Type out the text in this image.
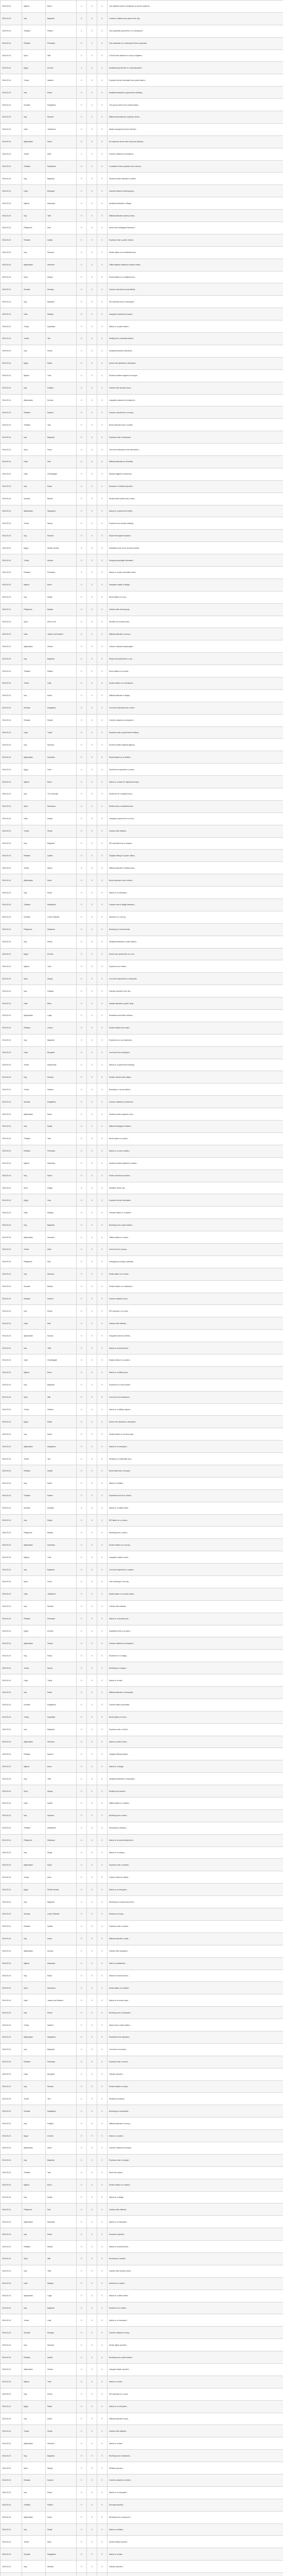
2016-03-01	Nigeria	Borno	1	0	0	Two militants carried out attacks on secure positions...
2016-03-01	Iraq	Baghdad	4	0	0	A series of attacks took place in the city...
2016-03-01	Thailand	Pattani	1	2	0	Two assailants opened fire on a checkpoint...
2016-03-01	Pakistan	Peshawar	0	1	0	Two assailants on a motorcycle threw a grenade...
2016-03-01	Syria	Idlib	3	3	0	A truck bomb attacked a convoy of fighters...
2016-03-01	Egypt	Al Arish	1	0	0	Assailants opened fire on a security patrol...
2016-03-01	Turkey	Istanbul	0	0	0	Explosive device detonated near police station...
2016-03-01	Iraq	Mosul	0	0	0	Assailants attacked a government building...
2016-03-01	Somalia	Mogadishu	0	1	0	The group carried out a suicide attack...
2016-03-01	Iraq	Ramadi	2	4	0	Militants detonated an explosive device...
2016-03-01	India	Jharkhand	0	0	0	Maoist insurgents torched vehicles...
2016-03-01	Afghanistan	Kabul	0	0	0	An explosive device was found and defused...
2016-03-01	Yemen	Aden	1	2	0	Gunmen attacked a checkpoint...
2016-03-01	Thailand	Narathiwat	0	0	0	A roadside bomb exploded near a school...
2016-03-01	Iraq	Baghdad	3	0	0	Suicide bomber attacked a market...
2016-03-01	Libya	Benghazi	0	0	0	Clashes between armed groups...
2016-03-01	Nigeria	Adamawa	0	0	0	Assailants attacked a village...
2016-03-01	Iraq	Tikrit	0	0	0	Militants attacked security forces...
2016-03-01	Philippines	Sulu	0	0	0	Armed men kidnapped fishermen...
2016-03-01	Pakistan	Quetta	0	0	0	Explosion near a police vehicle...
2016-03-01	Iraq	Samarra	0	0	0	Mortar attack on a residential area...
2016-03-01	Afghanistan	Helmand	0	0	0	Taliban fighters attacked a district center...
2016-03-01	Syria	Aleppo	0	0	0	Rocket attack on a neighborhood...
2016-03-01	Somalia	Kismayo	0	0	0	Gunmen shot dead a local official...
2016-03-01	Iraq	Baqubah	0	0	0	IED exploded near a checkpoint...
2016-03-01	India	Manipur	0	0	0	Insurgents ambushed a patrol...
2016-03-01	Turkey	Diyarbakir	0	0	0	Attack on a police station...
2016-03-01	Yemen	Taiz	0	0	0	Shelling hit a residential district...
2016-03-01	Iraq	Kirkuk	0	0	0	Assailants planted explosives...
2016-03-01	Egypt	Rafah	0	0	0	Armed men attacked a checkpoint...
2016-03-01	Nigeria	Yobe	0	0	0	Suicide bombers targeted a mosque...
2016-03-01	Iraq	Fallujah	0	0	0	Clashes with security forces...
2016-03-01	Afghanistan	Kunduz	0	0	0	Insurgents attacked a checkpoint...
2016-03-01	Pakistan	Karachi	0	0	0	Gunmen opened fire on a shop...
2016-03-01	Thailand	Yala	0	0	0	Bomb exploded near a market...
2016-03-01	Iraq	Baghdad	0	0	0	Explosion near a restaurant...
2016-03-01	Syria	Homs	0	0	0	Car bomb detonated at an intersection...
2016-03-01	Libya	Sirte	0	0	0	Militants attacked an oil facility...
2016-03-01	India	Chhattisgarh	0	0	0	Maoists triggered a landmine...
2016-03-01	Iraq	Mosul	0	0	0	Execution of civilians reported...
2016-03-01	Somalia	Baidoa	0	0	0	Mortar shells landed near a base...
2016-03-01	Afghanistan	Nangarhar	0	0	0	Attack on a government office...
2016-03-01	Yemen	Sanaa	0	0	0	Explosion at a security building...
2016-03-01	Iraq	Ramadi	0	0	0	Sniper fire targeted soldiers...
2016-03-01	Egypt	Sheikh Zuweid	0	0	0	Roadside bomb hit an armored vehicle...
2016-03-01	Turkey	Ankara	0	0	0	Suspicious package detonated...
2016-03-01	Pakistan	Peshawar	0	0	0	Attack on a polio vaccination team...
2016-03-01	Nigeria	Borno	0	0	0	Insurgents raided a village...
2016-03-01	Iraq	Diyala	0	0	0	Bomb attack on a bus...
2016-03-01	Philippines	Basilan	0	0	0	Clashes with armed group...
2016-03-01	Syria	Deir ez-Zor	0	0	0	Airstrike hit a market area...
2016-03-01	India	Jammu and Kashmir	0	0	0	Militants attacked a convoy...
2016-03-01	Afghanistan	Ghazni	0	0	0	Gunmen abducted passengers...
2016-03-01	Iraq	Baghdad	0	0	0	Sticky bomb attached to a car...
2016-03-01	Thailand	Pattani	0	0	0	Arson attack on a school...
2016-03-01	Yemen	Lahij	0	0	0	Suicide attack on a checkpoint...
2016-03-01	Iraq	Anbar	0	0	0	Militants attacked a village...
2016-03-01	Somalia	Mogadishu	0	0	0	Car bomb exploded near a hotel...
2016-03-01	Pakistan	Khyber	0	0	0	Gunmen attacked a checkpoint...
2016-03-01	Libya	Tripoli	0	0	0	Explosion near a government building...
2016-03-01	Iraq	Samarra	0	0	0	Suicide bomber targeted pilgrims...
2016-03-01	Afghanistan	Kandahar	0	0	0	Rocket attack on an airfield...
2016-03-01	Egypt	Cairo	0	0	0	Small bomb exploded in a street...
2016-03-01	Nigeria	Borno	0	0	0	Attack on a camp for displaced people...
2016-03-01	Iraq	Tuz Khurmatu	0	0	0	Mortar fire hit a neighborhood...
2016-03-01	Syria	Damascus	0	0	0	Shells struck a residential area...
2016-03-01	India	Assam	0	0	0	Insurgents opened fire on a bus...
2016-03-01	Turkey	Sirnak	0	0	0	Clashes with militants...
2016-03-01	Iraq	Baghdad	0	0	0	IED exploded near a mosque...
2016-03-01	Pakistan	Quetta	0	0	0	Targeted killing of a police officer...
2016-03-01	Yemen	Abyan	0	0	0	Militants attacked a military base...
2016-03-01	Afghanistan	Herat	0	0	0	Bomb explosion near a shrine...
2016-03-01	Iraq	Mosul	0	0	0	Attack on a checkpoint...
2016-03-01	Thailand	Narathiwat	0	0	0	Gunmen shot a village headman...
2016-03-01	Somalia	Lower Shabelle	0	0	0	Ambush on a convoy...
2016-03-01	Philippines	Mindanao	0	0	0	Bombing of a bus terminal...
2016-03-01	Iraq	Kirkuk	0	0	0	Assailants attacked a police station...
2016-03-01	Egypt	Al Arish	0	0	0	Armed men opened fire on a car...
2016-03-01	Nigeria	Yobe	0	0	0	Explosion at a market...
2016-03-01	Syria	Aleppo	0	0	0	Car bomb exploded at a checkpoint...
2016-03-01	Iraq	Fallujah	0	0	0	Clashes reported in the city...
2016-03-01	India	Bihar	0	0	0	Maoists attacked a police camp...
2016-03-01	Afghanistan	Logar	0	0	0	Roadside bomb killed civilians...
2016-03-01	Pakistan	Lahore	0	0	0	Suicide attack near a park...
2016-03-01	Iraq	Baghdad	0	0	0	Explosion at a car dealership...
2016-03-01	Libya	Benghazi	0	0	0	Car bomb hit a checkpoint...
2016-03-01	Yemen	Hadramawt	0	0	0	Attack on a government building...
2016-03-01	Iraq	Ramadi	0	0	0	Suicide vehicle bomb attack...
2016-03-01	Turkey	Istanbul	0	0	0	Bombing in a tourist district...
2016-03-01	Somalia	Mogadishu	0	0	0	Gunmen attacked a restaurant...
2016-03-01	Afghanistan	Kabul	0	0	0	Suicide bomber targeted a bus...
2016-03-01	Iraq	Diyala	0	0	0	Militants kidnapped civilians...
2016-03-01	Thailand	Yala	0	0	0	Bomb attack on a patrol...
2016-03-01	Pakistan	Peshawar	0	0	0	Attack on a court complex...
2016-03-01	Nigeria	Adamawa	0	0	0	Suicide bombers attacked a market...
2016-03-01	Iraq	Mosul	0	0	0	Public executions reported...
2016-03-01	Syria	Raqqa	0	0	0	Airstrikes hit the city...
2016-03-01	Egypt	Giza	0	0	0	Explosive device detonated...
2016-03-01	India	Manipur	0	0	0	Grenade attack on a market...
2016-03-01	Iraq	Baghdad	0	0	0	Bombing near a police station...
2016-03-01	Afghanistan	Helmand	0	0	0	Taliban attack on a base...
2016-03-01	Yemen	Aden	0	0	0	Car bomb hit a convoy...
2016-03-01	Philippines	Sulu	0	0	0	Kidnapping of foreign nationals...
2016-03-01	Iraq	Samarra	0	0	0	Mortar attack on a shrine...
2016-03-01	Somalia	Baidoa	0	0	0	Suicide attack on a restaurant...
2016-03-01	Pakistan	Karachi	0	0	0	Gunmen attacked a bus...
2016-03-01	Iraq	Kirkuk	0	0	0	IED explosion on a road...
2016-03-01	Libya	Sirte	0	0	0	Clashes with militants...
2016-03-01	Afghanistan	Kunduz	0	0	0	Insurgents seized a district...
2016-03-01	Iraq	Tikrit	0	0	0	Attack on security forces...
2016-03-01	India	Chhattisgarh	0	0	0	Maoist ambush on a patrol...
2016-03-01	Nigeria	Borno	0	0	0	Attack on a military post...
2016-03-01	Iraq	Baghdad	0	0	0	Explosion in a busy market...
2016-03-01	Syria	Idlib	0	0	0	Car bomb at a checkpoint...
2016-03-01	Turkey	Hakkari	0	0	0	Attack on a military outpost...
2016-03-01	Egypt	Rafah	0	0	0	Armed men attacked a checkpoint...
2016-03-01	Iraq	Anbar	0	0	0	Suicide attack on an army base...
2016-03-01	Afghanistan	Nangarhar	0	0	0	Attack on a checkpoint...
2016-03-01	Yemen	Taiz	0	0	0	Shelling of a residential area...
2016-03-01	Pakistan	Quetta	0	0	0	Bomb blast near a mosque...
2016-03-01	Iraq	Mosul	0	0	0	Attack on civilians...
2016-03-01	Thailand	Pattani	0	0	0	Roadside bomb hit a vehicle...
2016-03-01	Somalia	Kismayo	0	0	0	Attack on a military base...
2016-03-01	Iraq	Diyala	0	0	0	IED attack on a convoy...
2016-03-01	Philippines	Basilan	0	0	0	Bombing near a church...
2016-03-01	Afghanistan	Kandahar	0	0	0	Suicide attack on a convoy...
2016-03-01	Nigeria	Yobe	0	0	0	Insurgents raided a town...
2016-03-01	Iraq	Baghdad	0	0	0	Car bomb exploded in a square...
2016-03-01	Syria	Homs	0	0	0	Twin bombings in the city...
2016-03-01	India	Jharkhand	0	0	0	Maoist attack on a police station...
2016-03-01	Iraq	Ramadi	0	0	0	Clashes with militants...
2016-03-01	Pakistan	Peshawar	0	0	0	Attack on a security post...
2016-03-01	Egypt	Al Arish	0	0	0	Roadside bomb on a patrol...
2016-03-01	Afghanistan	Ghazni	0	0	0	Gunmen attacked a checkpoint...
2016-03-01	Iraq	Kirkuk	0	0	0	Mortar fire on a village...
2016-03-01	Yemen	Sanaa	0	0	0	Bombing at a mosque...
2016-03-01	Libya	Tripoli	0	0	0	Attack on a hotel...
2016-03-01	Iraq	Mosul	0	0	0	Militants attacked a checkpoint...
2016-03-01	Somalia	Mogadishu	0	0	0	Gunmen killed a journalist...
2016-03-01	Turkey	Diyarbakir	0	0	0	Bomb attack on a bus...
2016-03-01	Iraq	Baghdad	0	0	0	Explosion near a school...
2016-03-01	Afghanistan	Helmand	0	0	0	Attack on police forces...
2016-03-01	Pakistan	Karachi	0	0	0	Targeted killing reported...
2016-03-01	Nigeria	Borno	0	0	0	Attack on a village...
2016-03-01	Iraq	Tikrit	0	0	0	Assailants attacked a checkpoint...
2016-03-01	Syria	Aleppo	0	0	0	Shelling hit a market...
2016-03-01	India	Assam	0	0	0	Militant attack on civilians...
2016-03-01	Iraq	Samarra	0	0	0	Bombing near a shrine...
2016-03-01	Thailand	Narathiwat	0	0	0	Shooting at a teashop...
2016-03-01	Philippines	Mindanao	0	0	0	Attack on an army detachment...
2016-03-01	Iraq	Diyala	0	0	0	Attack on a mosque...
2016-03-01	Afghanistan	Kabul	0	0	0	Explosion near a ministry...
2016-03-01	Yemen	Aden	0	0	0	Gunmen killed an official...
2016-03-01	Egypt	Sheikh Zuweid	0	0	0	Attack on a checkpoint...
2016-03-01	Iraq	Baghdad	0	0	0	Bombing at a commercial street...
2016-03-01	Somalia	Lower Shabelle	0	0	0	Ambush on troops...
2016-03-01	Pakistan	Quetta	0	0	0	Explosion near a market...
2016-03-01	Iraq	Anbar	0	0	0	Militants attacked a base...
2016-03-01	Afghanistan	Kunduz	0	0	0	Clashes with insurgents...
2016-03-01	Nigeria	Adamawa	0	0	0	Raid on a settlement...
2016-03-01	Iraq	Mosul	0	0	0	Attack on security forces...
2016-03-01	Syria	Damascus	0	0	0	Mortar attack on a district...
2016-03-01	India	Jammu and Kashmir	0	0	0	Attack on an army camp...
2016-03-01	Iraq	Kirkuk	0	0	0	Bombing near a checkpoint...
2016-03-01	Turkey	Istanbul	0	0	0	Attack near a police station...
2016-03-01	Afghanistan	Nangarhar	0	0	0	Roadside bomb explosion...
2016-03-01	Iraq	Baghdad	0	0	0	Car bomb at a market...
2016-03-01	Pakistan	Peshawar	0	0	0	Explosion near a school...
2016-03-01	Libya	Benghazi	0	0	0	Clashes reported...
2016-03-01	Iraq	Ramadi	0	0	0	Suicide attack on troops...
2016-03-01	Yemen	Taiz	0	0	0	Shelling hit civilians...
2016-03-01	Somalia	Mogadishu	0	0	0	Bombing at a checkpoint...
2016-03-01	Iraq	Fallujah	0	0	0	Militants attacked a convoy...
2016-03-01	Egypt	Al Arish	0	0	0	Attack on a patrol...
2016-03-01	Afghanistan	Herat	0	0	0	Gunmen attacked a mosque...
2016-03-01	Iraq	Baghdad	0	0	0	Explosion near a mosque...
2016-03-01	Thailand	Yala	0	0	0	Bomb hit a patrol...
2016-03-01	Nigeria	Borno	0	0	0	Suicide attack on a market...
2016-03-01	Iraq	Diyala	0	0	0	Attack on a village...
2016-03-01	Philippines	Sulu	0	0	0	Clashes with militants...
2016-03-01	Afghanistan	Kandahar	0	0	0	Attack on a checkpoint...
2016-03-01	Iraq	Mosul	0	0	0	Execution reported...
2016-03-01	Pakistan	Khyber	0	0	0	Attack on security forces...
2016-03-01	Syria	Idlib	0	0	0	Bombing at a market...
2016-03-01	Iraq	Tikrit	0	0	0	Clashes with security forces...
2016-03-01	India	Manipur	0	0	0	Ambush on a patrol...
2016-03-01	Afghanistan	Logar	0	0	0	Attack on a district office...
2016-03-01	Iraq	Baghdad	0	0	0	Explosion at a market...
2016-03-01	Yemen	Lahij	0	0	0	Attack on a checkpoint...
2016-03-01	Somalia	Kismayo	0	0	0	Gunmen attacked a camp...
2016-03-01	Iraq	Samarra	0	0	0	Mortar attack reported...
2016-03-01	Pakistan	Quetta	0	0	0	Bombing near a police station...
2016-03-01	Afghanistan	Ghazni	0	0	0	Insurgent attack reported...
2016-03-01	Nigeria	Yobe	0	0	0	Attack on a town...
2016-03-01	Iraq	Kirkuk	0	0	0	IED exploded on a road...
2016-03-01	Egypt	Rafah	0	0	0	Attack on a checkpoint...
2016-03-01	Iraq	Anbar	0	0	0	Militants attacked troops...
2016-03-01	Turkey	Sirnak	0	0	0	Clashes with militants...
2016-03-01	Afghanistan	Helmand	0	0	0	Attack on a base...
2016-03-01	Iraq	Baghdad	0	0	0	Bombing near a restaurant...
2016-03-01	Syria	Aleppo	0	0	0	Shelling reported...
2016-03-01	Pakistan	Karachi	0	0	0	Gunmen attacked a vehicle...
2016-03-01	Iraq	Mosul	0	0	0	Attack on a checkpoint...
2016-03-01	Thailand	Pattani	0	0	0	Shooting reported...
2016-03-01	Afghanistan	Kabul	0	0	0	Bombing near a compound...
2016-03-01	Iraq	Diyala	0	0	0	Attack on civilians...
2016-03-01	Yemen	Aden	0	0	0	Suicide attack reported...
2016-03-01	Somalia	Mogadishu	0	0	0	Attack on a hotel...
2016-03-01	Iraq	Ramadi	0	0	0	Clashes reported...
